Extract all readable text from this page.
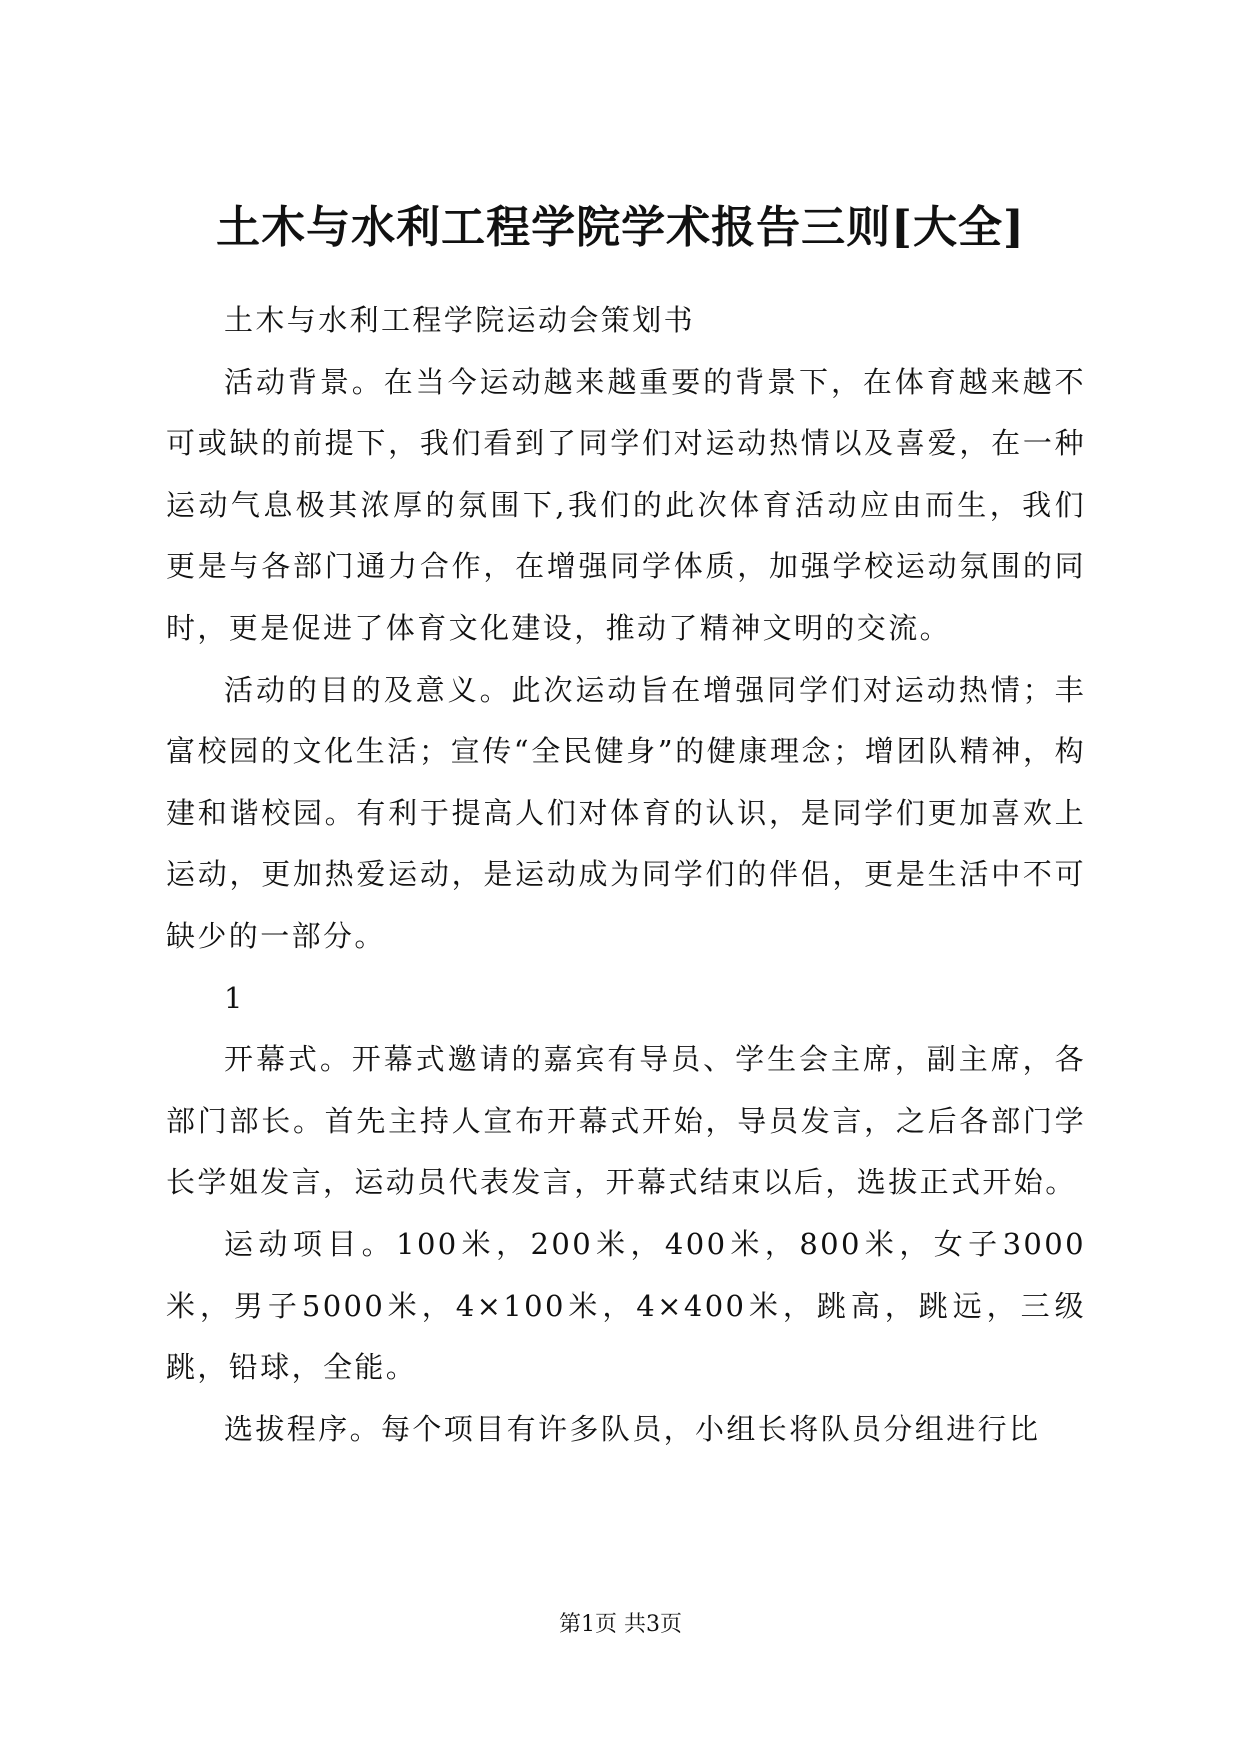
土木与水利工程学院学术报告三则[大全]

土木与水利工程学院运动会策划书

活动背景。在当今运动越来越重要的背景下，在体育越来越不可或缺的前提下，我们看到了同学们对运动热情以及喜爱，在一种运动气息极其浓厚的氛围下,我们的此次体育活动应由而生，我们更是与各部门通力合作，在增强同学体质，加强学校运动氛围的同时，更是促进了体育文化建设，推动了精神文明的交流。

活动的目的及意义。此次运动旨在增强同学们对运动热情；丰富校园的文化生活；宣传“全民健身”的健康理念；增团队精神，构建和谐校园。有利于提高人们对体育的认识，是同学们更加喜欢上运动，更加热爱运动，是运动成为同学们的伴侣，更是生活中不可缺少的一部分。

1

开幕式。开幕式邀请的嘉宾有导员、学生会主席，副主席，各部门部长。首先主持人宣布开幕式开始，导员发言，之后各部门学长学姐发言，运动员代表发言，开幕式结束以后，选拔正式开始。

运动项目。100米，200米，400米，800米，女子3000米，男子5000米，4×100米，4×400米，跳高，跳远，三级跳，铅球，全能。

选拔程序。每个项目有许多队员，小组长将队员分组进行比

第1页 共3页
